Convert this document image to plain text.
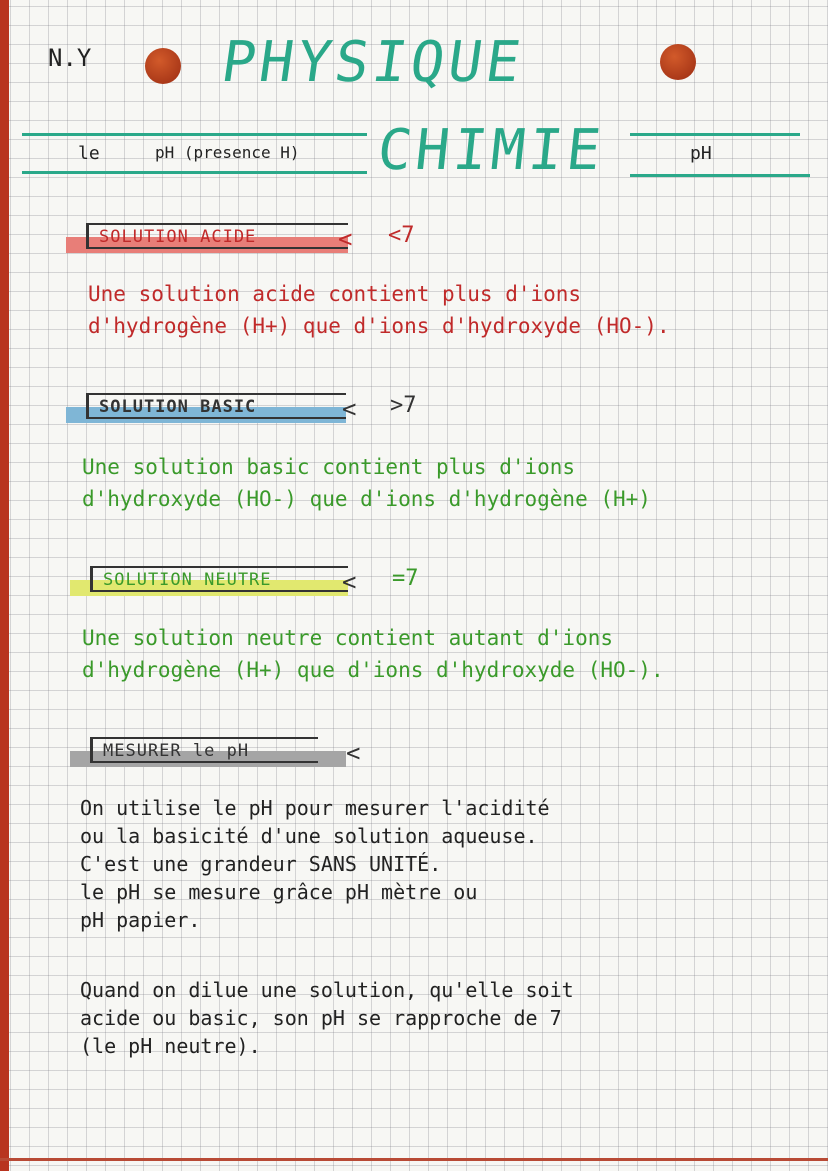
N.Y PHYSIQUE
CHIMIE
le	pH (presence H)	pH
SOLUTION ACIDE	< <7
Une solution acide contient plus d'ions
d'hydrogène (H+) que d'ions d'hydroxyde (HO-).
SOLUTION BASIC	< >7
Une solution basic contient plus d'ions
d'hydroxyde (HO-) que d'ions d'hydrogène (H+)
SOLUTION NEUTRE	< =7
Une solution neutre contient autant d'ions
d'hydrogène (H+) que d'ions d'hydroxyde (HO-).
MESURER le pH	<
On utilise le pH pour mesurer l'acidité
ou la basicité d'une solution aqueuse.
C'est une grandeur SANS UNITÉ.
le pH se mesure grâce pH mètre ou
pH papier.
Quand on dilue une solution, qu'elle soit
acide ou basic, son pH se rapproche de 7
(le pH neutre).
